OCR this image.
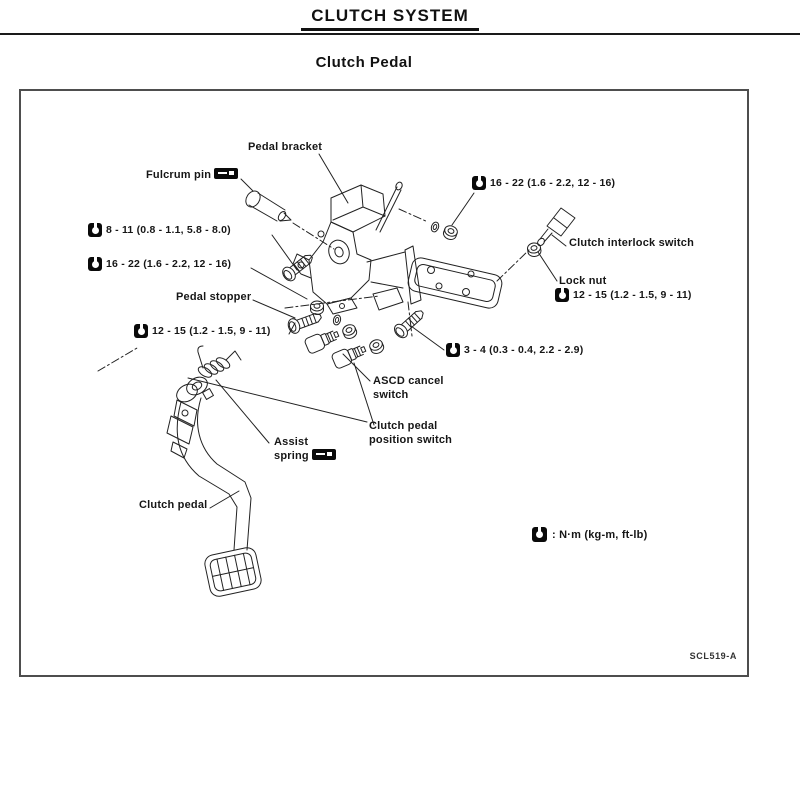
CLUTCH SYSTEM
Clutch Pedal
Pedal bracket
Fulcrum pin
8 - 11 (0.8 - 1.1, 5.8 - 8.0)
16 - 22 (1.6 - 2.2, 12 - 16)
Pedal stopper
12 - 15 (1.2 - 1.5, 9 - 11)
16 - 22 (1.6 - 2.2, 12 - 16)
Clutch interlock switch
Lock nut
12 - 15 (1.2 - 1.5, 9 - 11)
3 - 4 (0.3 - 0.4, 2.2 - 2.9)
ASCD cancel
switch
Clutch pedal
position switch
Assist
spring
Clutch pedal
: N·m (kg-m, ft-lb)
SCL519-A
